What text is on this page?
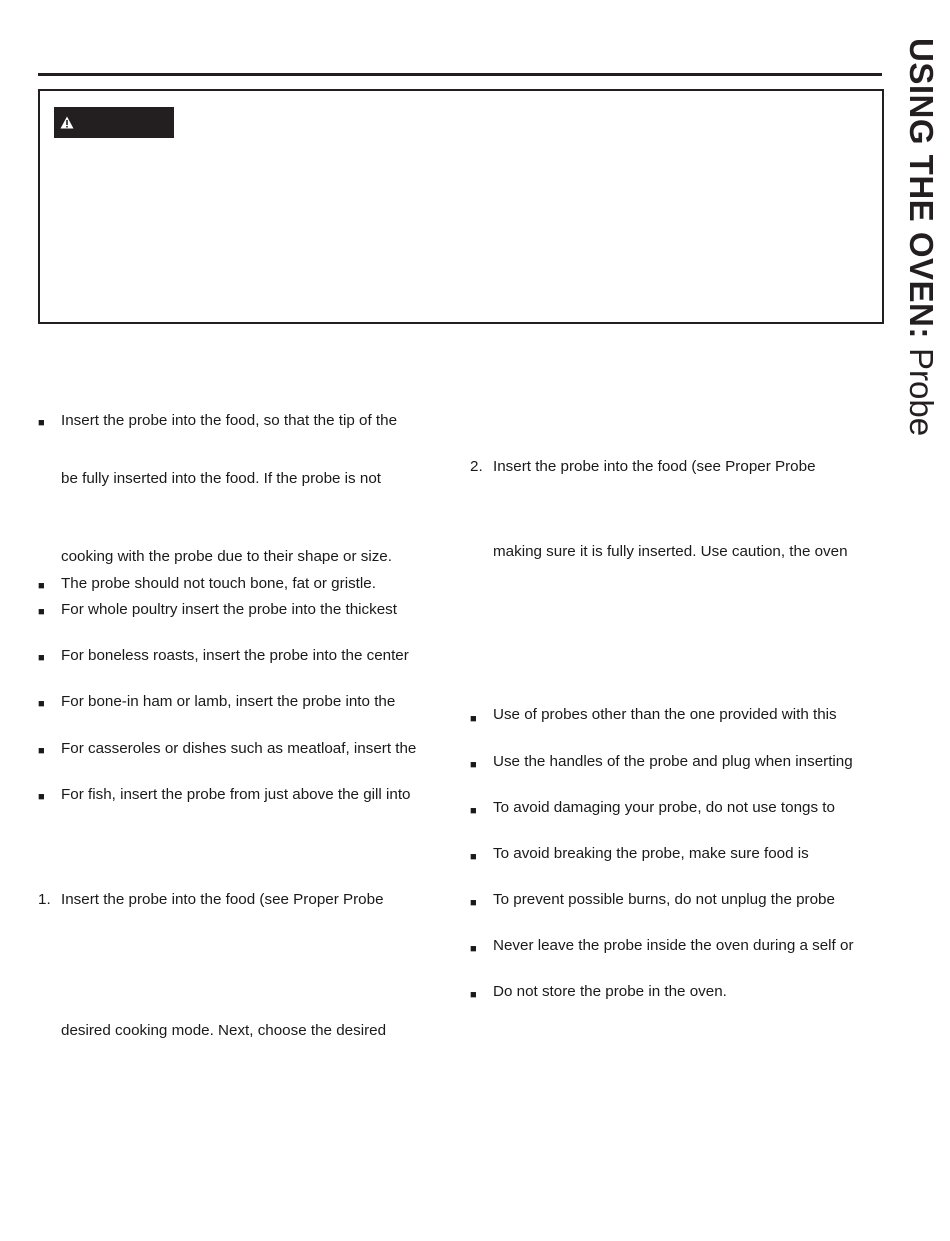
USING THE OVEN: Probe
■ Insert the probe into the food, so that the tip of the
be fully inserted into the food. If the probe is not
cooking with the probe due to their shape or size.
■ The probe should not touch bone, fat or gristle.
■ For whole poultry insert the probe into the thickest
■ For boneless roasts, insert the probe into the center
■ For bone-in ham or lamb, insert the probe into the
■ For casseroles or dishes such as meatloaf, insert the
■ For fish, insert the probe from just above the gill into
1. Insert the probe into the food (see Proper Probe
desired cooking mode. Next, choose the desired
2. Insert the probe into the food (see Proper Probe
making sure it is fully inserted. Use caution, the oven
■ Use of probes other than the one provided with this
■ Use the handles of the probe and plug when inserting
■ To avoid damaging your probe, do not use tongs to
■ To avoid breaking the probe, make sure food is
■ To prevent possible burns, do not unplug the probe
■ Never leave the probe inside the oven during a self or
■ Do not store the probe in the oven.
